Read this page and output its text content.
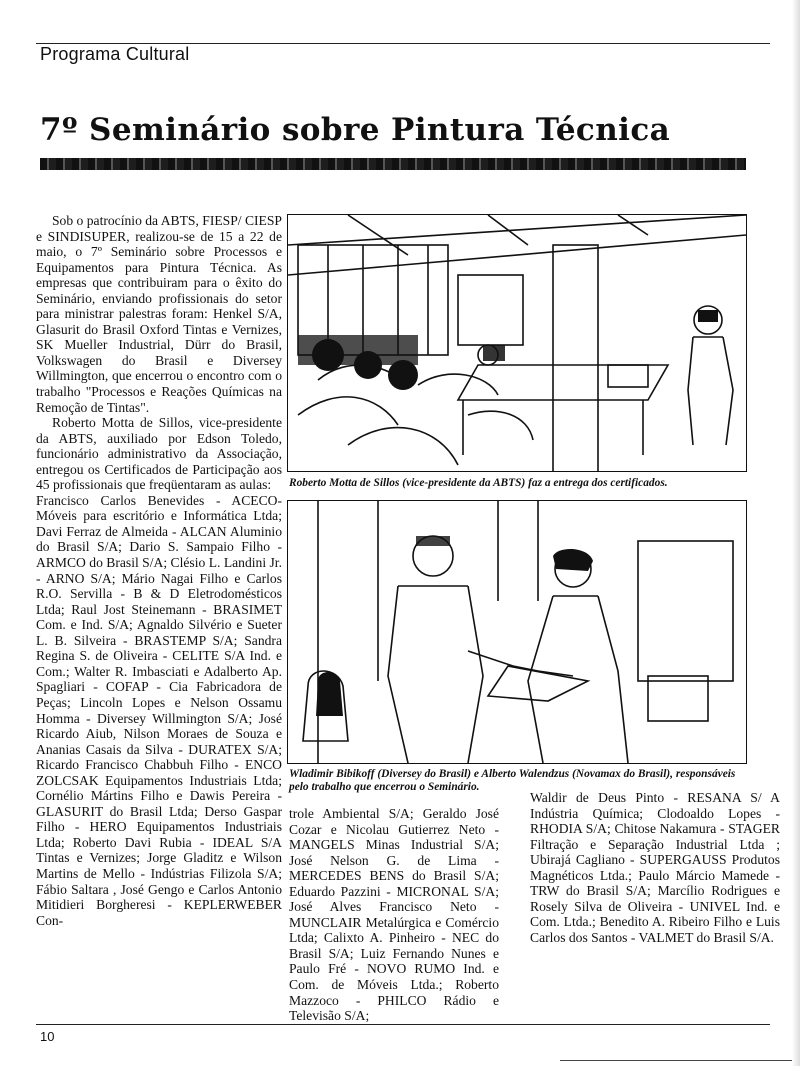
Programa Cultural
7º Seminário sobre Pintura Técnica

Sob o patrocínio da ABTS, FIESP/ CIESP e SINDISUPER, realizou-se de 15 a 22 de maio, o 7º Seminário sobre Processos e Equipamentos para Pintura Técnica. As empresas que contribuiram para o êxito do Seminário, enviando profissionais do setor para ministrar palestras foram: Henkel S/A, Glasurit do Brasil Oxford Tintas e Vernizes, SK Mueller Industrial, Dürr do Brasil, Volkswagen do Brasil e Diversey Willmington, que encerrou o encontro com o trabalho "Processos e Reações Químicas na Remoção de Tintas".

Roberto Motta de Sillos, vice-presidente da ABTS, auxiliado por Edson Toledo, funcionário administrativo da Associação, entregou os Certificados de Participação aos 45 profissionais que freqüentaram as aulas:

Francisco Carlos Benevides - ACECO-Móveis para escritório e Informática Ltda; Davi Ferraz de Almeida - ALCAN Aluminio do Brasil S/A; Dario S. Sampaio Filho - ARMCO do Brasil S/A; Clésio L. Landini Jr. - ARNO S/A; Mário Nagai Filho e Carlos R.O. Servilla - B & D Eletrodomésticos Ltda; Raul Jost Steinemann - BRASIMET Com. e Ind. S/A; Agnaldo Silvério e Sueter L. B. Silveira - BRASTEMP S/A; Sandra Regina S. de Oliveira - CELITE S/A Ind. e Com.; Walter R. Imbasciati e Adalberto Ap. Spagliari - COFAP - Cia Fabricadora de Peças; Lincoln Lopes e Nelson Ossamu Homma - Diversey Willmington S/A; José Ricardo Aiub, Nilson Moraes de Souza e Ananias Casais da Silva - DURATEX S/A; Ricardo Francisco Chabbuh Filho - ENCO ZOLCSAK Equipamentos Industriais Ltda; Cornélio Mártins Filho e Dawis Pereira - GLASURIT do Brasil Ltda; Derso Gaspar Filho - HERO Equipamentos Industriais Ltda; Roberto Davi Rubia - IDEAL S/A Tintas e Vernizes; Jorge Gladitz e Wilson Martins de Mello - Indústrias Filizola S/A; Fábio Saltara , José Gengo e Carlos Antonio Mitidieri Borgheresi - KEPLERWEBER Con-

Roberto Motta de Sillos (vice-presidente da ABTS) faz a entrega dos certificados.
Wladimir Bibikoff (Diversey do Brasil) e Alberto Walendzus (Novamax do Brasil), responsáveis pelo trabalho que encerrou o Seminário.

trole Ambiental S/A; Geraldo José Cozar e Nicolau Gutierrez Neto - MANGELS Minas Industrial S/A; José Nelson G. de Lima - MERCEDES BENS do Brasil S/A; Eduardo Pazzini - MICRONAL S/A; José Alves Francisco Neto - MUNCLAIR Metalúrgica e Comércio Ltda; Calixto A. Pinheiro - NEC do Brasil S/A; Luiz Fernando Nunes e Paulo Fré - NOVO RUMO Ind. e Com. de Móveis Ltda.; Roberto Mazzoco - PHILCO Rádio e Televisão S/A;

Waldir de Deus Pinto - RESANA S/ A Indústria Química; Clodoaldo Lopes - RHODIA S/A; Chitose Nakamura - STAGER Filtração e Separação Industrial Ltda ; Ubirajá Cagliano - SUPERGAUSS Produtos Magnéticos Ltda.; Paulo Márcio Mamede - TRW do Brasil S/A; Marcílio Rodrigues e Rosely Silva de Oliveira - UNIVEL Ind. e Com. Ltda.; Benedito A. Ribeiro Filho e Luis Carlos dos Santos - VALMET do Brasil S/A.

10
